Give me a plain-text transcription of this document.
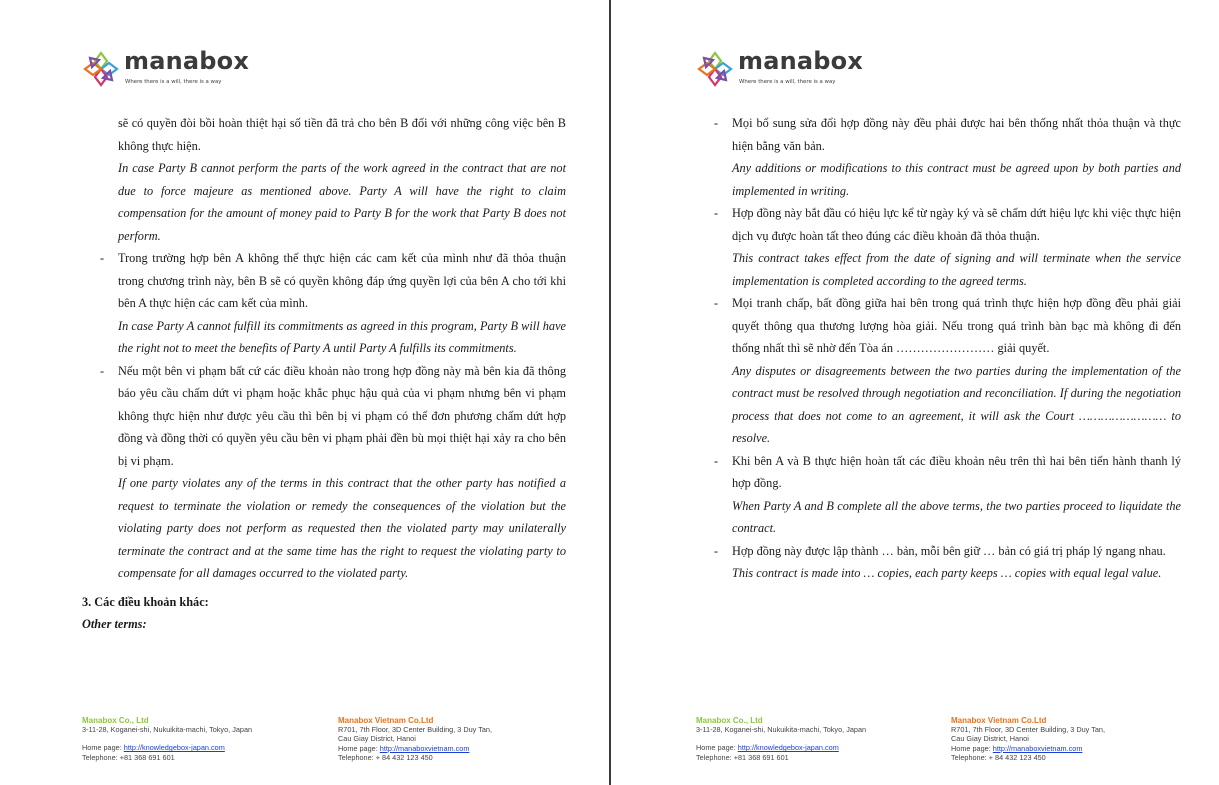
manabox
Where there is a will, there is a way

sẽ có quyền đòi bồi hoàn thiệt hại số tiền đã trả cho bên B đối với những công việc bên B không thực hiện.

In case Party B cannot perform the parts of the work agreed in the contract that are not due to force majeure as mentioned above. Party A will have the right to claim compensation for the amount of money paid to Party B for the work that Party B does not perform.

- Trong trường hợp bên A không thể thực hiện các cam kết của mình như đã thỏa thuận trong chương trình này, bên B sẽ có quyền không đáp ứng quyền lợi của bên A cho tới khi bên A thực hiện các cam kết của mình.

In case Party A cannot fulfill its commitments as agreed in this program, Party B will have the right not to meet the benefits of Party A until Party A fulfills its commitments.

- Nếu một bên vi phạm bất cứ các điều khoản nào trong hợp đồng này mà bên kia đã thông báo yêu cầu chấm dứt vi phạm hoặc khắc phục hậu quả của vi phạm nhưng bên vi phạm không thực hiện như được yêu cầu thì bên bị vi phạm có thể đơn phương chấm dứt hợp đồng và đồng thời có quyền yêu cầu bên vi phạm phải đền bù mọi thiệt hại xảy ra cho bên bị vi phạm.

If one party violates any of the terms in this contract that the other party has notified a request to terminate the violation or remedy the consequences of the violation but the violating party does not perform as requested then the violated party may unilaterally terminate the contract and at the same time has the right to request the violating party to compensate for all damages occurred to the violated party.

3. Các điều khoản khác:
Other terms:
Manabox Co., Ltd
3-11-28, Koganei-shi, Nukuikita-machi, Tokyo, Japan
Home page: http://knowledgebox-japan.com
Telephone: +81 368 691 601
Manabox Vietnam Co.Ltd
R701, 7th Floor, 3D Center Building, 3 Duy Tan,
Cau Giay District, Hanoi
Home page: http://manaboxvietnam.com
Telephone: + 84 432 123 450
manabox
Where there is a will, there is a way

- Mọi bổ sung sửa đổi hợp đồng này đều phải được hai bên thống nhất thỏa thuận và thực hiện bằng văn bản.

Any additions or modifications to this contract must be agreed upon by both parties and implemented in writing.

- Hợp đồng này bắt đầu có hiệu lực kể từ ngày ký và sẽ chấm dứt hiệu lực khi việc thực hiện dịch vụ được hoàn tất theo đúng các điều khoản đã thỏa thuận.

This contract takes effect from the date of signing and will terminate when the service implementation is completed according to the agreed terms.

- Mọi tranh chấp, bất đồng giữa hai bên trong quá trình thực hiện hợp đồng đều phải giải quyết thông qua thương lượng hòa giải. Nếu trong quá trình bàn bạc mà không đi đến thống nhất thì sẽ nhờ đến Tòa án …………………… giải quyết.

Any disputes or disagreements between the two parties during the implementation of the contract must be resolved through negotiation and reconciliation. If during the negotiation process that does not come to an agreement, it will ask the Court …………………… to resolve.

- Khi bên A và B thực hiện hoàn tất các điều khoản nêu trên thì hai bên tiến hành thanh lý hợp đồng.

When Party A and B complete all the above terms, the two parties proceed to liquidate the contract.

- Hợp đồng này được lập thành … bản, mỗi bên giữ … bản có giá trị pháp lý ngang nhau.

This contract is made into … copies, each party keeps … copies with equal legal value.

Manabox Co., Ltd
3-11-28, Koganei-shi, Nukuikita-machi, Tokyo, Japan
Home page: http://knowledgebox-japan.com
Telephone: +81 368 691 601
Manabox Vietnam Co.Ltd
R701, 7th Floor, 3D Center Building, 3 Duy Tan,
Cau Giay District, Hanoi
Home page: http://manaboxvietnam.com
Telephone: + 84 432 123 450
